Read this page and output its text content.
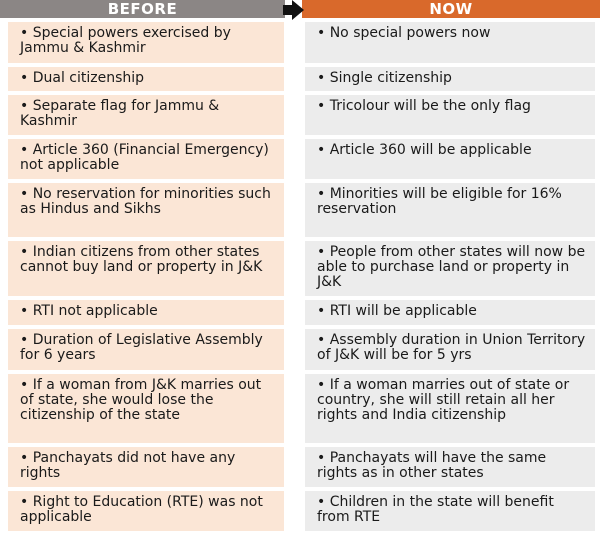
BEFORE	NOW
• Special powers exercised by Jammu & Kashmir
• Dual citizenship
• Separate flag for Jammu & Kashmir
• Article 360 (Financial Emergency) not applicable
• No reservation for minorities such as Hindus and Sikhs
• Indian citizens from other states cannot buy land or property in J&K
• RTI not applicable
• Duration of Legislative Assembly for 6 years
• If a woman from J&K marries out of state, she would lose the citizenship of the state
• Panchayats did not have any rights
• Right to Education (RTE) was not applicable
• No special powers now
• Single citizenship
• Tricolour will be the only flag
• Article 360 will be applicable
• Minorities will be eligible for 16% reservation
• People from other states will now be able to purchase land or property in J&K
• RTI will be applicable
• Assembly duration in Union Territory of J&K will be for 5 yrs
• If a woman marries out of state or country, she will still retain all her rights and India citizenship
• Panchayats will have the same rights as in other states
• Children in the state will benefit from RTE
